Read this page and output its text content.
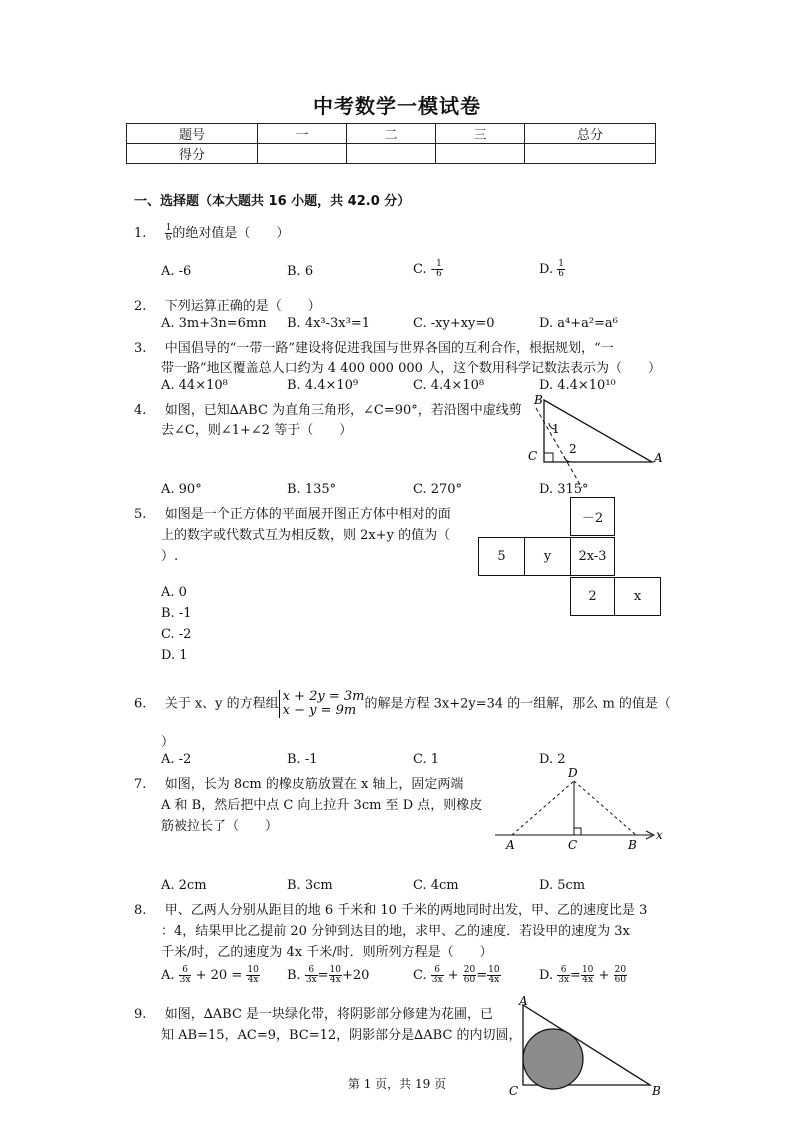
中考数学一模试卷
题号	一	二	三	总分
得分				
一、选择题（本大题共 16 小题，共 42.0 分）
1. $\frac{1}{6}$ 的绝对值是（　　）
A. -6	B. 6	C. - $\frac{1}{6}$	D. $\frac{1}{6}$
2. 下列运算正确的是（　　）
A. 3m+3n=6mn B. 4x³-3x³=1	C. -xy+xy=0	D. a⁴+a²=a⁶
3. 中国倡导的“一带一路”建设将促进我国与世界各国的互利合作，根据规划，“一
带一路”地区覆盖总人口约为 4 400 000 000 人，这个数用科学记数法表示为（　　）
A. 44×10⁸	B. 4.4×10⁹	C. 4.4×10⁸	D. 4.4×10¹⁰
4. 如图，已知∆ABC 为直角三角形，∠C=90°，若沿图中虚线剪
去∠C，则∠1+∠2 等于（　　）
B
C	A
1
2
A. 90°	B. 135°	C. 270°	D. 315°
5. 如图是一个正方体的平面展开图正方体中相对的面
上的数字或代数式互为相反数，则 2x+y 的值为（
）.
－2
5	y	2x-3
2	x
A. 0
B. -1
C. -2
D. 1
6. 关于 x、y 的方程组 x + 2y = 3m
x − y = 9m 的解是方程 3x+2y=34 的一组解，那么 m 的值是（
）
A. -2	B. -1	C. 1	D. 2
7. 如图，长为 8cm 的橡皮筋放置在 x 轴上，固定两端
A 和 B，然后把中点 C 向上拉升 3cm 至 D 点，则橡皮
筋被拉长了（　　）
D
A	C	B
x
A. 2cm	B. 3cm	C. 4cm	D. 5cm
8. 甲、乙两人分别从距目的地 6 千米和 10 千米的两地同时出发，甲、乙的速度比是 3
：4，结果甲比乙提前 20 分钟到达目的地，求甲、乙的速度．若设甲的速度为 3x
千米/时，乙的速度为 4x 千米/时．则所列方程是（　　）
A. $\frac{6}{3x} + 20 = \frac{10}{4x} B$. $\frac{6}{3x} = \frac{10}{4x} +20$	C. $\frac{6}{3x} + \frac{20}{60} = \frac{10}{4x}$	D. $\frac{6}{3x} = \frac{10}{4x} + \frac{20}{60}$
9. 如图，∆ABC 是一块绿化带，将阴影部分修建为花圃，已
知 AB=15，AC=9，BC=12，阴影部分是∆ABC 的内切圆，
A
C	B
第 1 页，共 19 页
